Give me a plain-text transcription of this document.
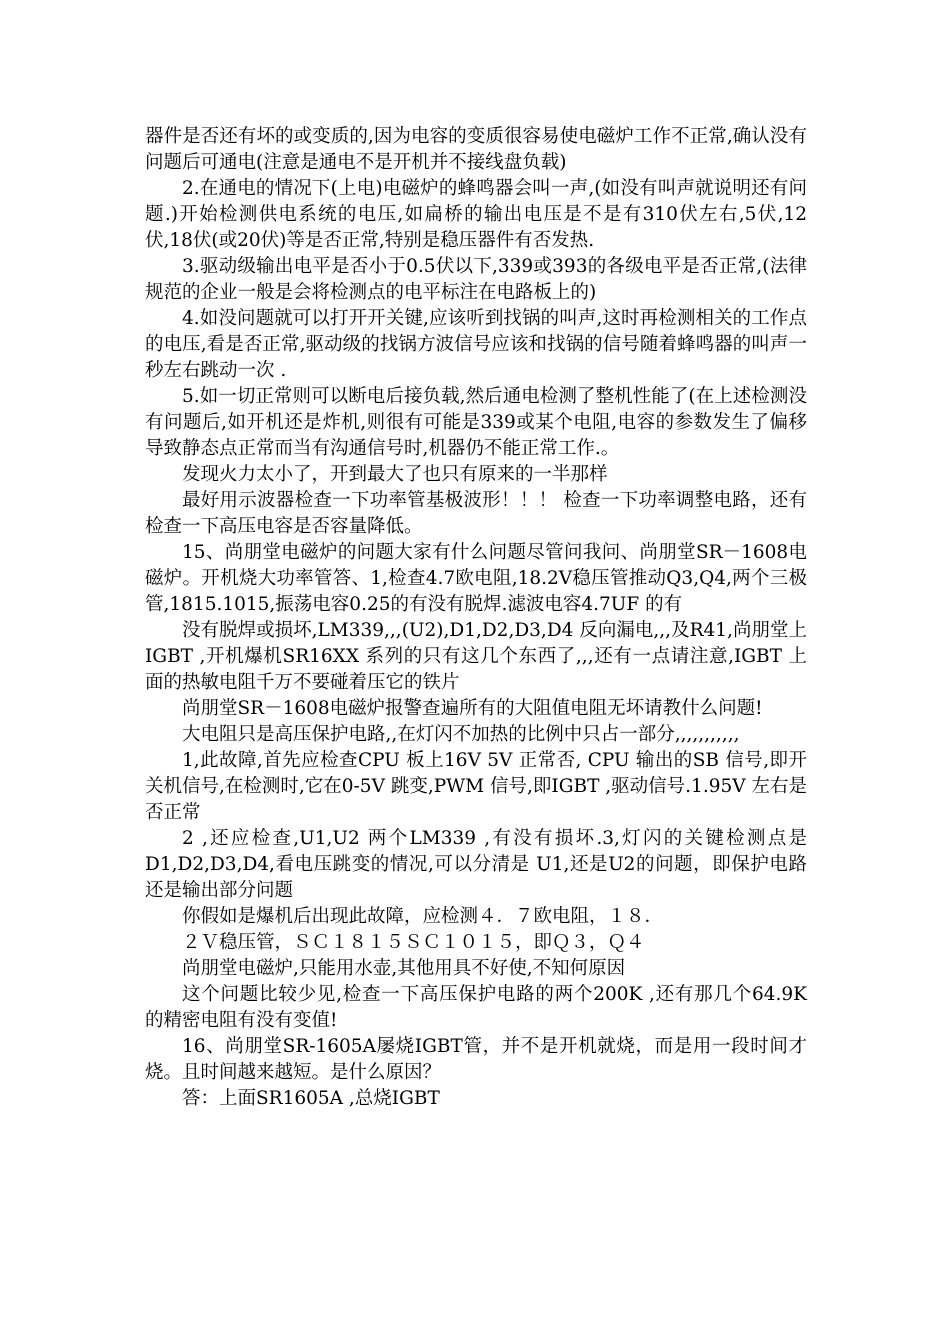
器件是否还有坏的或变质的,因为电容的变质很容易使电磁炉工作不正常,确认没有问题后可通电(注意是通电不是开机并不接线盘负载)

2.在通电的情况下(上电)电磁炉的蜂鸣器会叫一声,(如没有叫声就说明还有问题.)开始检测供电系统的电压,如扁桥的输出电压是不是有310伏左右,5伏,12伏,18伏(或20伏)等是否正常,特别是稳压器件有否发热.

3.驱动级输出电平是否小于0.5伏以下,339或393的各级电平是否正常,(法律规范的企业一般是会将检测点的电平标注在电路板上的)

4.如没问题就可以打开开关键,应该听到找锅的叫声,这时再检测相关的工作点的电压,看是否正常,驱动级的找锅方波信号应该和找锅的信号随着蜂鸣器的叫声一秒左右跳动一次 .

5.如一切正常则可以断电后接负载,然后通电检测了整机性能了(在上述检测没有问题后,如开机还是炸机,则很有可能是339或某个电阻,电容的参数发生了偏移导致静态点正常而当有沟通信号时,机器仍不能正常工作.。

发现火力太小了，开到最大了也只有原来的一半那样

最好用示波器检查一下功率管基极波形！！！ 检查一下功率调整电路，还有检查一下高压电容是否容量降低。

15、尚朋堂电磁炉的问题大家有什么问题尽管问我问、尚朋堂SR－1608电磁炉。开机烧大功率管答、1,检查4.7欧电阻,18.2V稳压管推动Q3,Q4,两个三极管,1815.1015,振荡电容0.25的有没有脱焊.滤波电容4.7UF 的有

没有脱焊或损坏,LM339,,,(U2),D1,D2,D3,D4 反向漏电,,,及R41,尚朋堂上IGBT ,开机爆机SR16XX 系列的只有这几个东西了,,,还有一点请注意,IGBT 上面的热敏电阻千万不要碰着压它的铁片

尚朋堂SR－1608电磁炉报警查遍所有的大阻值电阻无坏请教什么问题!

大电阻只是高压保护电路,,在灯闪不加热的比例中只占一部分,,,,,,,,,,,

1,此故障,首先应检查CPU 板上16V 5V 正常否, CPU 输出的SB 信号,即开关机信号,在检测时,它在0-5V 跳变,PWM 信号,即IGBT ,驱动信号.1.95V 左右是否正常

2 ,还应检查,U1,U2 两个LM339 ,有没有损坏.3,灯闪的关键检测点是D1,D2,D3,D4,看电压跳变的情况,可以分清是 U1,还是U2的问题，即保护电路还是输出部分问题

你假如是爆机后出现此故障，应检测４．７欧电阻，１８．

２Ｖ稳压管，ＳＣ１８１５ＳＣ１０１５，即Ｑ３，Ｑ４

尚朋堂电磁炉,只能用水壶,其他用具不好使,不知何原因

这个问题比较少见,检查一下高压保护电路的两个200K ,还有那几个64.9K 的精密电阻有没有变值!

16、尚朋堂SR-1605A屡烧IGBT管，并不是开机就烧，而是用一段时间才烧。且时间越来越短。是什么原因？

答：上面SR1605A ,总烧IGBT
